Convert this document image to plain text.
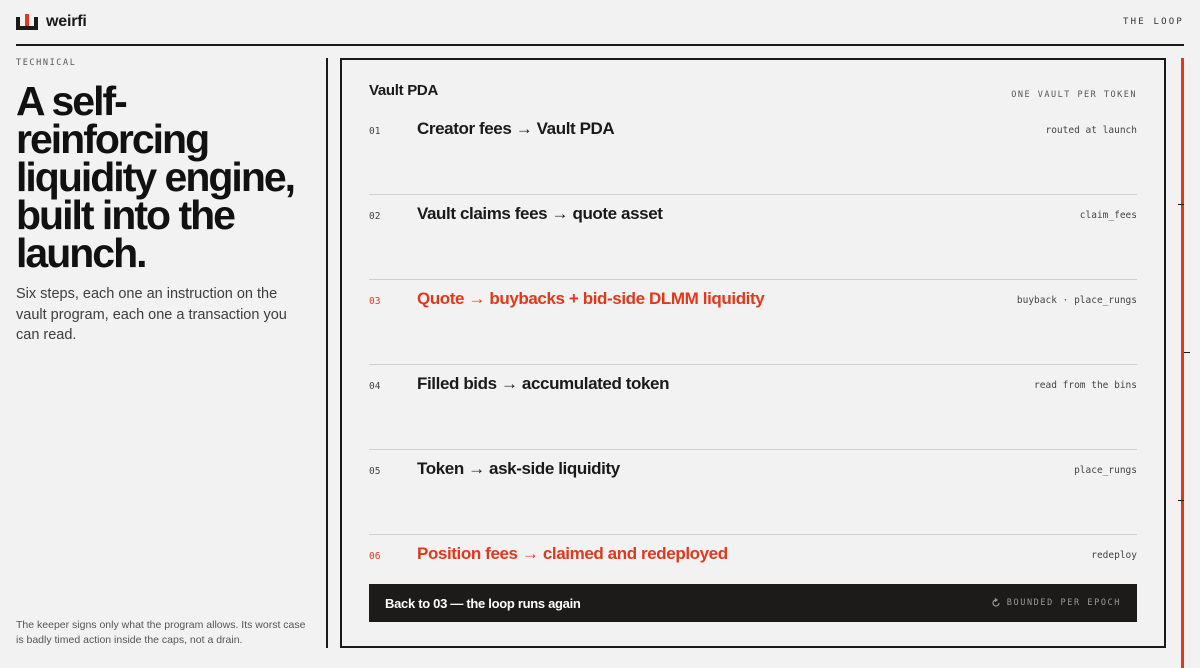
weirfi	THE LOOP
TECHNICAL
A self-reinforcing liquidity engine, built into the launch.

Six steps, each one an instruction on the vault program, each one a transaction you can read.

The keeper signs only what the program allows. Its worst case is badly timed action inside the caps, not a drain.

Vault PDA	ONE VAULT PER TOKEN
01 Creator fees → Vault PDA	routed at launch
02 Vault claims fees → quote asset	claim_fees
03 Quote → buybacks + bid-side DLMM liquidity	buyback · place_rungs
04 Filled bids → accumulated token	read from the bins
05 Token → ask-side liquidity	place_rungs
06 Position fees → claimed and redeployed	redeploy
Back to 03 — the loop runs again	BOUNDED PER EPOCH
